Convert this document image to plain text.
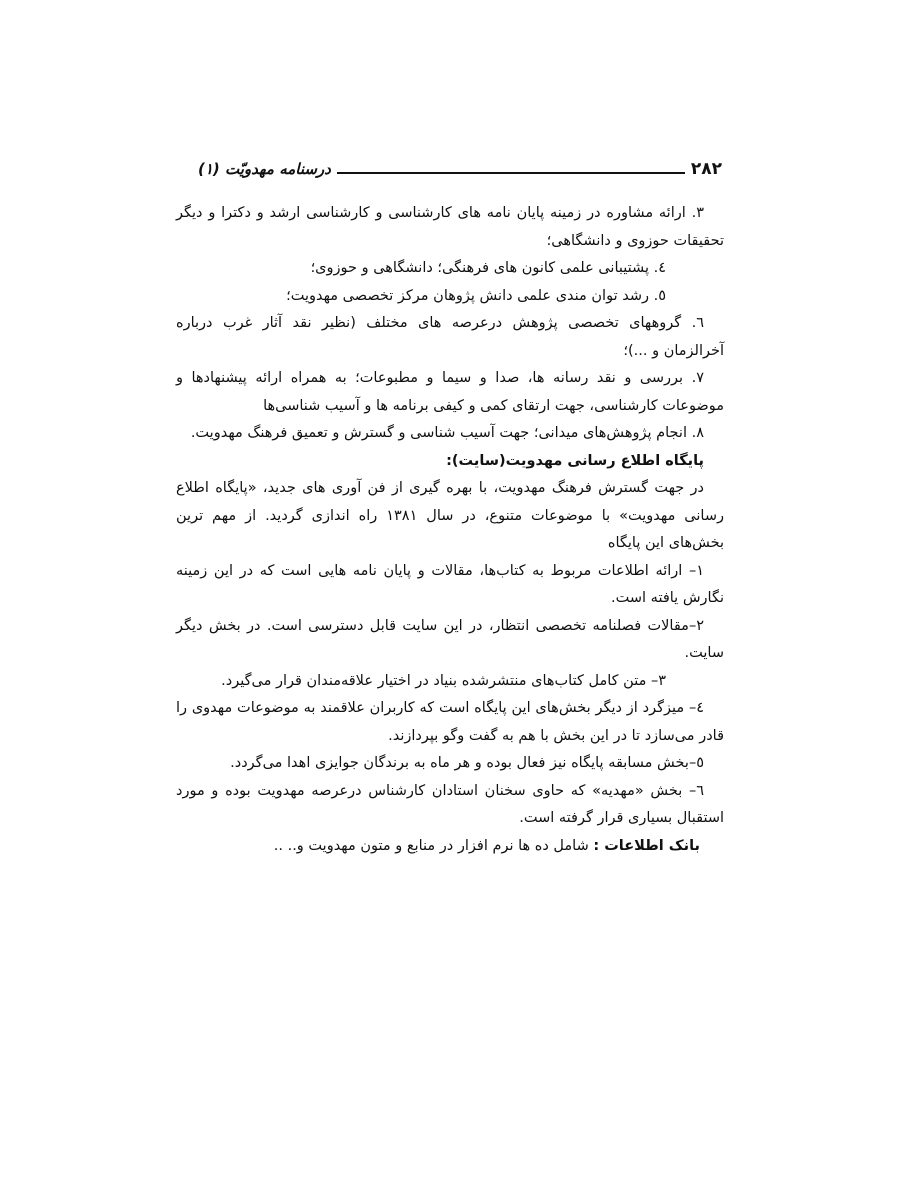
۲۸۲
درسنامه مهدویّت (۱)

۳. ارائه مشاوره در زمینه پایان نامه های کارشناسی و کارشناسی ارشد و دکترا و دیگر تحقیقات حوزوی و دانشگاهی؛

٤. پشتیبانی علمی کانون های فرهنگی؛ دانشگاهی و حوزوی؛

٥. رشد توان مندی علمی دانش پژوهان مرکز تخصصی مهدویت؛

٦. گروههای تخصصی پژوهش درعرصه های مختلف (نظیر نقد آثار غرب درباره آخرالزمان و ...)؛

٧. بررسی و نقد رسانه ها، صدا و سیما و مطبوعات؛ به همراه ارائه پیشنهادها و موضوعات کارشناسی، جهت ارتقای کمی و کیفی برنامه ها و آسیب شناسی‌ها

٨. انجام پژوهش‌های میدانی؛ جهت آسیب شناسی و گسترش و تعمیق فرهنگ مهدویت.

پایگاه اطلاع رسانی مهدویت(سایت):

در جهت گسترش فرهنگ مهدویت، با بهره گیری از فن آوری های جدید، «پایگاه اطلاع رسانی مهدویت» با موضوعات متنوع، در سال ۱۳۸۱ راه اندازی گردید. از مهم ترین بخش‌های این پایگاه

١– ارائه اطلاعات مربوط به کتاب‌ها، مقالات و پایان نامه هایی است که در این زمینه نگارش یافته است.

٢–مقالات فصلنامه تخصصی انتظار، در این سایت قابل دسترسی است. در بخش دیگر سایت.

٣– متن کامل کتاب‌های منتشرشده بنیاد در اختیار علاقه‌مندان قرار می‌گیرد.

٤– میزگرد از دیگر بخش‌های این پایگاه است که کاربران علاقمند به موضوعات مهدوی را قادر می‌سازد تا در این بخش با هم به گفت وگو بپردازند.

٥–بخش مسابقه پایگاه نیز فعال بوده و هر ماه به برندگان جوایزی اهدا می‌گردد.

٦– بخش «مهدیه» که حاوی سخنان استادان کارشناس درعرصه مهدویت بوده و مورد استقبال بسیاری قرار گرفته است.

بانک اطلاعات : شامل ده ها نرم افزار در منابع و متون مهدویت و.. ..
